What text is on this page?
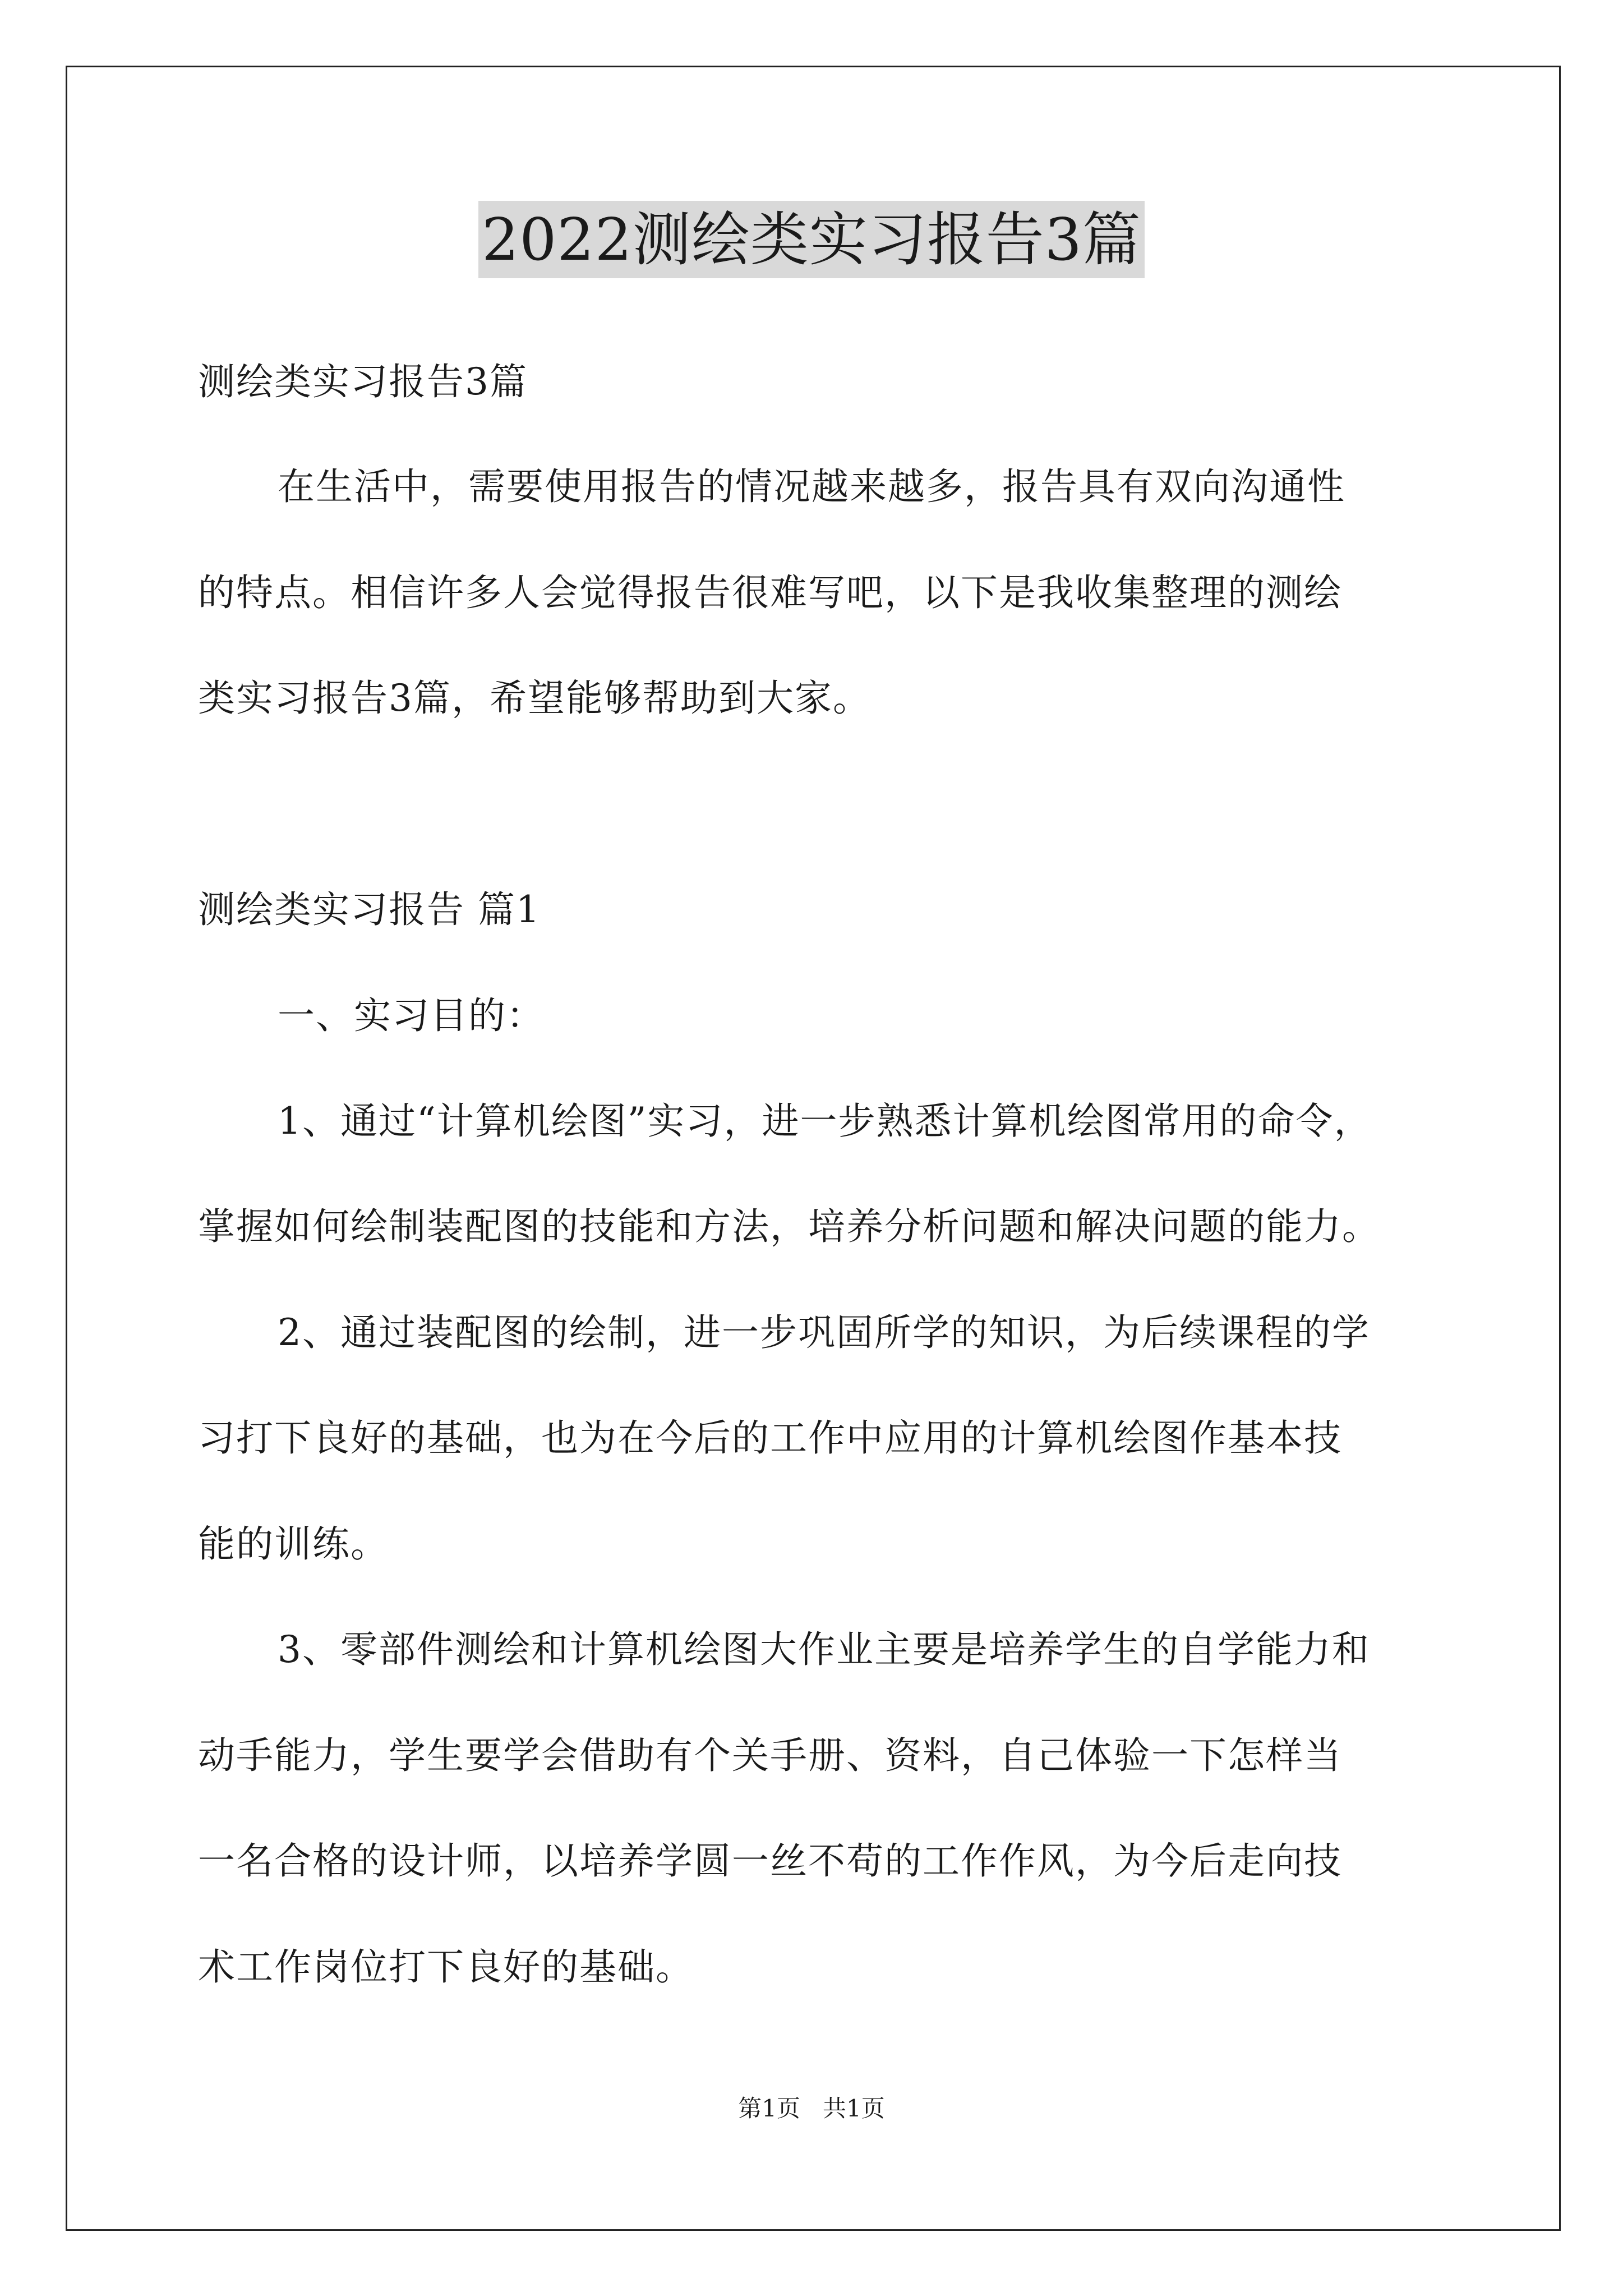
2022测绘类实习报告3篇
测绘类实习报告3篇
在生活中，需要使用报告的情况越来越多，报告具有双向沟通性
的特点。相信许多人会觉得报告很难写吧，以下是我收集整理的测绘
类实习报告3篇，希望能够帮助到大家。
测绘类实习报告 篇1
一、实习目的：
1、通过“计算机绘图”实习，进一步熟悉计算机绘图常用的命令，
掌握如何绘制装配图的技能和方法，培养分析问题和解决问题的能力。
2、通过装配图的绘制，进一步巩固所学的知识，为后续课程的学
习打下良好的基础，也为在今后的工作中应用的计算机绘图作基本技
能的训练。
3、零部件测绘和计算机绘图大作业主要是培养学生的自学能力和
动手能力，学生要学会借助有个关手册、资料，自己体验一下怎样当
一名合格的设计师，以培养学圆一丝不苟的工作作风，为今后走向技
术工作岗位打下良好的基础。
第1页   共1页
